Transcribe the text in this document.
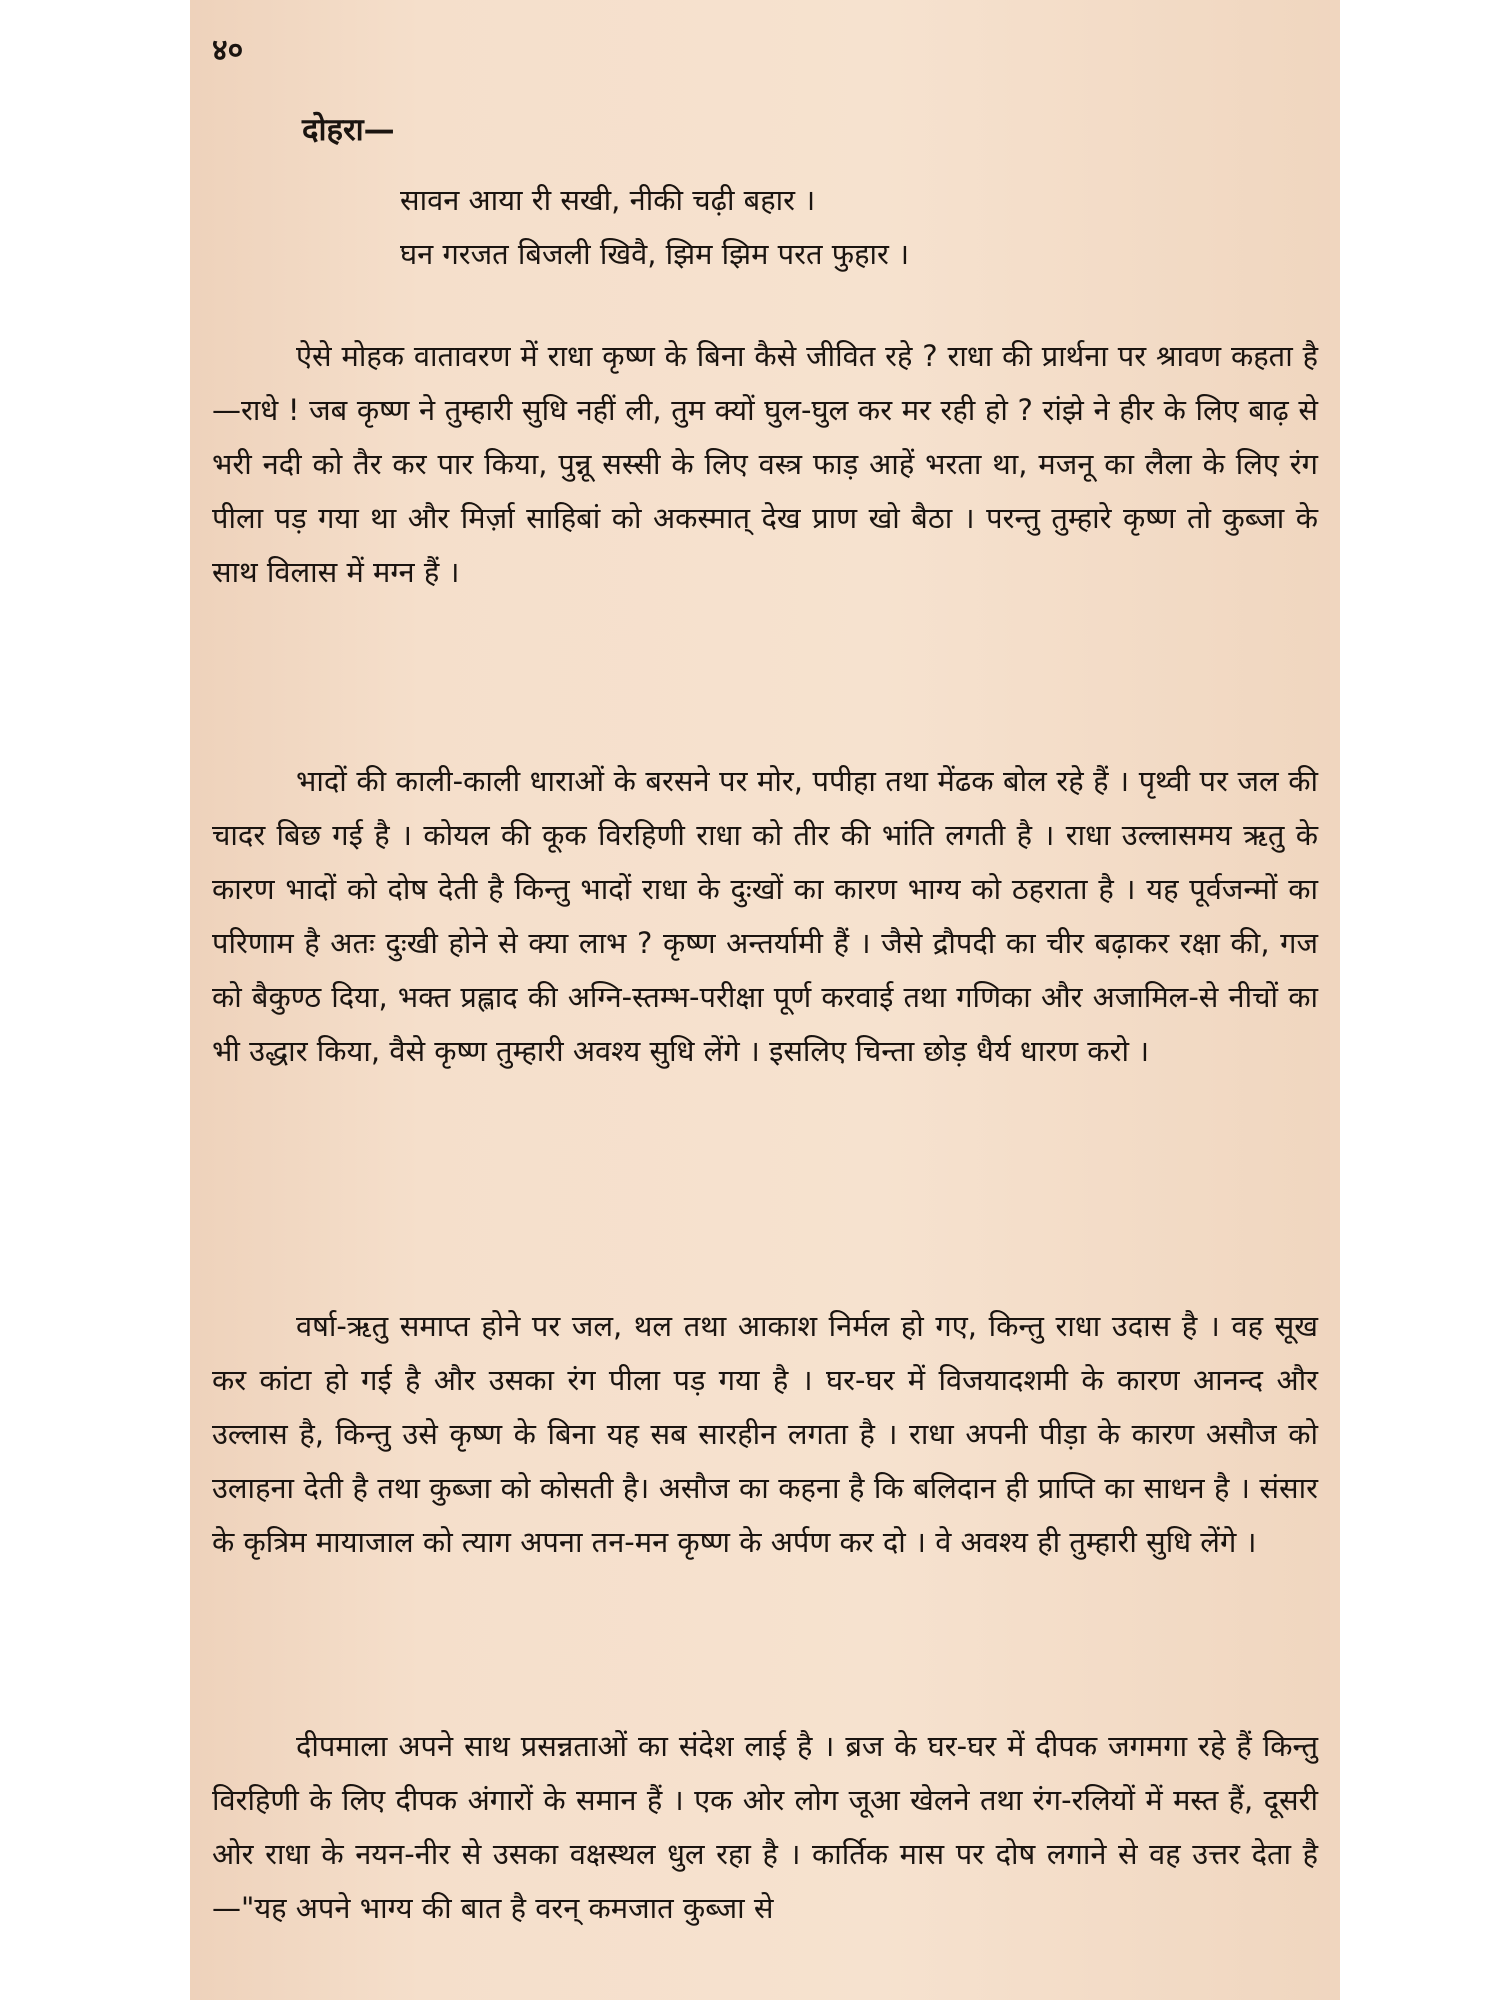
४०
दोहरा—
सावन आया री सखी, नीकी चढ़ी बहार ।
घन गरजत बिजली खिवै, झिम झिम परत फुहार ।

ऐसे मोहक वातावरण में राधा कृष्ण के बिना कैसे जीवित रहे ? राधा की प्रार्थना पर श्रावण कहता है—राधे ! जब कृष्ण ने तुम्हारी सुधि नहीं ली, तुम क्यों घुल-घुल कर मर रही हो ? रांझे ने हीर के लिए बाढ़ से भरी नदी को तैर कर पार किया, पुन्नू सस्सी के लिए वस्त्र फाड़ आहें भरता था, मजनू का लैला के लिए रंग पीला पड़ गया था और मिर्ज़ा साहिबां को अकस्मात् देख प्राण खो बैठा । परन्तु तुम्हारे कृष्ण तो कुब्जा के साथ विलास में मग्न हैं ।

भादों की काली-काली धाराओं के बरसने पर मोर, पपीहा तथा मेंढक बोल रहे हैं । पृथ्वी पर जल की चादर बिछ गई है । कोयल की कूक विरहिणी राधा को तीर की भांति लगती है । राधा उल्लासमय ऋतु के कारण भादों को दोष देती है किन्तु भादों राधा के दुःखों का कारण भाग्य को ठहराता है । यह पूर्वजन्मों का परिणाम है अतः दुःखी होने से क्या लाभ ? कृष्ण अन्तर्यामी हैं । जैसे द्रौपदी का चीर बढ़ाकर रक्षा की, गज को बैकुण्ठ दिया, भक्त प्रह्लाद की अग्नि-स्तम्भ-परीक्षा पूर्ण करवाई तथा गणिका और अजामिल-से नीचों का भी उद्धार किया, वैसे कृष्ण तुम्हारी अवश्य सुधि लेंगे । इसलिए चिन्ता छोड़ धैर्य धारण करो ।

वर्षा-ऋतु समाप्त होने पर जल, थल तथा आकाश निर्मल हो गए, किन्तु राधा उदास है । वह सूख कर कांटा हो गई है और उसका रंग पीला पड़ गया है । घर-घर में विजयादशमी के कारण आनन्द और उल्लास है, किन्तु उसे कृष्ण के बिना यह सब सारहीन लगता है । राधा अपनी पीड़ा के कारण असौज को उलाहना देती है तथा कुब्जा को कोसती है। असौज का कहना है कि बलिदान ही प्राप्ति का साधन है । संसार के कृत्रिम मायाजाल को त्याग अपना तन-मन कृष्ण के अर्पण कर दो । वे अवश्य ही तुम्हारी सुधि लेंगे ।

दीपमाला अपने साथ प्रसन्नताओं का संदेश लाई है । ब्रज के घर-घर में दीपक जगमगा रहे हैं किन्तु विरहिणी के लिए दीपक अंगारों के समान हैं । एक ओर लोग जूआ खेलने तथा रंग-रलियों में मस्त हैं, दूसरी ओर राधा के नयन-नीर से उसका वक्षस्थल धुल रहा है । कार्तिक मास पर दोष लगाने से वह उत्तर देता है—"यह अपने भाग्य की बात है वरन् कमजात कुब्जा से
